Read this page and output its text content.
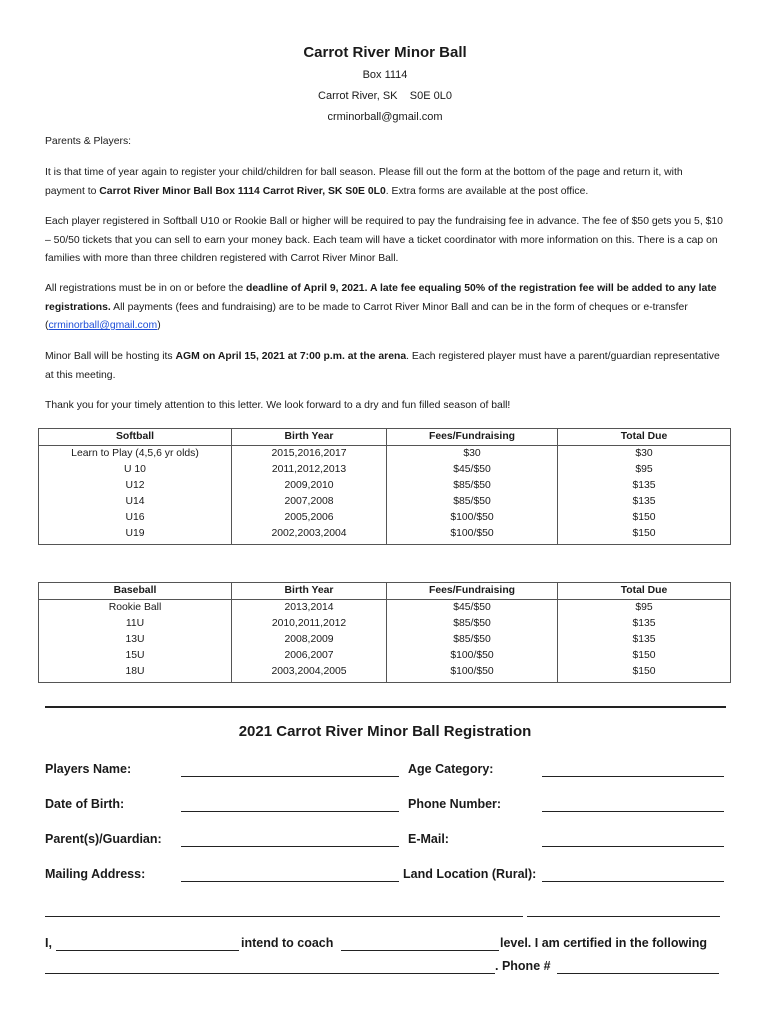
Carrot River Minor Ball
Box 1114
Carrot River, SK    S0E 0L0
crminorball@gmail.com
Parents & Players:
It is that time of year again to register your child/children for ball season. Please fill out the form at the bottom of the page and return it, with payment to Carrot River Minor Ball Box 1114 Carrot River, SK S0E 0L0. Extra forms are available at the post office.
Each player registered in Softball U10 or Rookie Ball or higher will be required to pay the fundraising fee in advance. The fee of $50 gets you 5, $10 – 50/50 tickets that you can sell to earn your money back. Each team will have a ticket coordinator with more information on this. There is a cap on families with more than three children registered with Carrot River Minor Ball.
All registrations must be in on or before the deadline of April 9, 2021. A late fee equaling 50% of the registration fee will be added to any late registrations. All payments (fees and fundraising) are to be made to Carrot River Minor Ball and can be in the form of cheques or e-transfer (crminorball@gmail.com)
Minor Ball will be hosting its AGM on April 15, 2021 at 7:00 p.m. at the arena. Each registered player must have a parent/guardian representative at this meeting.
Thank you for your timely attention to this letter. We look forward to a dry and fun filled season of ball!
Softball	Birth Year	Fees/Fundraising	Total Due
Learn to Play (4,5,6 yr olds)	2015,2016,2017	$30	$30
U 10	2011,2012,2013	$45/$50	$95
U12	2009,2010	$85/$50	$135
U14	2007,2008	$85/$50	$135
U16	2005,2006	$100/$50	$150
U19	2002,2003,2004	$100/$50	$150
Baseball	Birth Year	Fees/Fundraising	Total Due
Rookie Ball	2013,2014	$45/$50	$95
11U	2010,2011,2012	$85/$50	$135
13U	2008,2009	$85/$50	$135
15U	2006,2007	$100/$50	$150
18U	2003,2004,2005	$100/$50	$150
2021 Carrot River Minor Ball Registration
Players Name:	Age Category:
Date of Birth:	Phone Number:
Parent(s)/Guardian:	E-Mail:
Mailing Address:	Land Location (Rural):
I,	intend to coach	level. I am certified in the following
. Phone #
